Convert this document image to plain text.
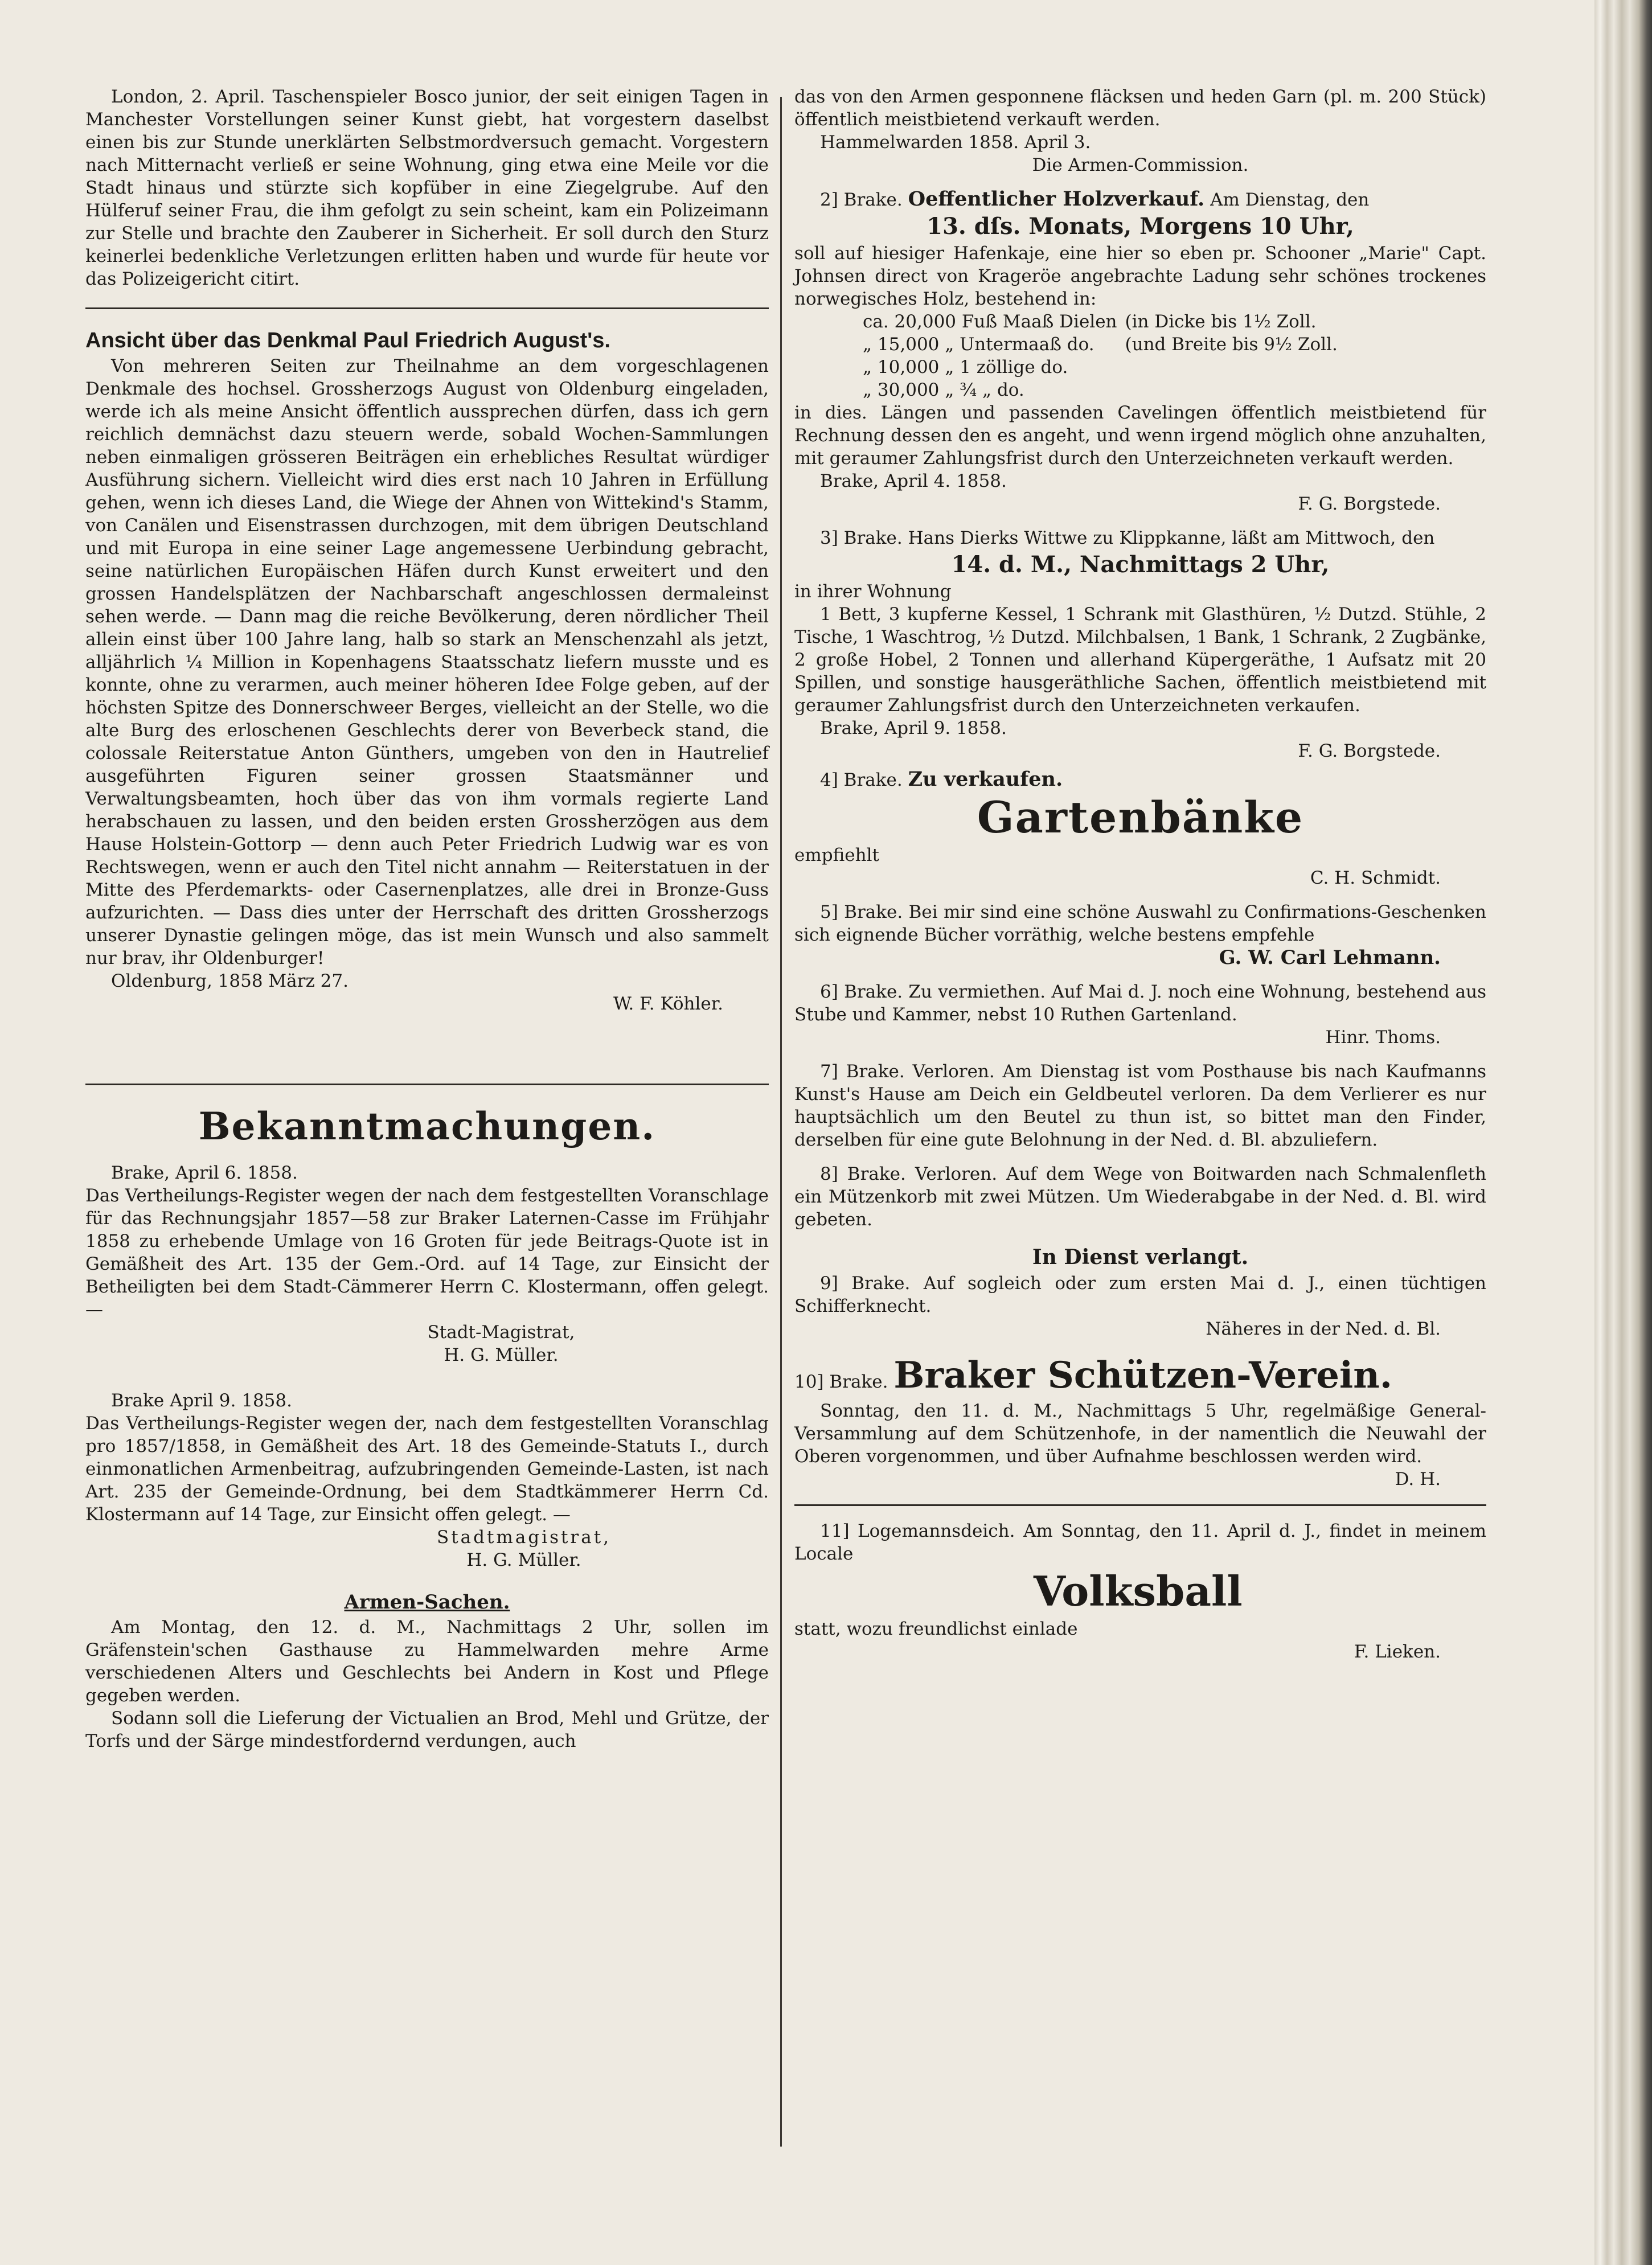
London, 2. April. Taschenspieler Bosco junior, der seit einigen Tagen in Manchester Vorstellungen seiner Kunst giebt, hat vorgestern daselbst einen bis zur Stunde unerklärten Selbstmordversuch gemacht. Vorgestern nach Mitternacht verließ er seine Wohnung, ging etwa eine Meile vor die Stadt hinaus und stürzte sich kopfüber in eine Ziegelgrube. Auf den Hülferuf seiner Frau, die ihm gefolgt zu sein scheint, kam ein Polizeimann zur Stelle und brachte den Zauberer in Sicherheit. Er soll durch den Sturz keinerlei bedenkliche Verletzungen erlitten haben und wurde für heute vor das Polizeigericht citirt.

Ansicht über das Denkmal Paul Friedrich August's.

Von mehreren Seiten zur Theilnahme an dem vorgeschlagenen Denkmale des hochsel. Grossherzogs August von Oldenburg eingeladen, werde ich als meine Ansicht öffentlich aussprechen dürfen, dass ich gern reichlich demnächst dazu steuern werde, sobald Wochen-Sammlungen neben einmaligen grösseren Beiträgen ein erhebliches Resultat würdiger Ausführung sichern. Vielleicht wird dies erst nach 10 Jahren in Erfüllung gehen, wenn ich dieses Land, die Wiege der Ahnen von Wittekind's Stamm, von Canälen und Eisenstrassen durchzogen, mit dem übrigen Deutschland und mit Europa in eine seiner Lage angemessene Uerbindung gebracht, seine natürlichen Europäischen Häfen durch Kunst erweitert und den grossen Handelsplätzen der Nachbarschaft angeschlossen dermaleinst sehen werde. — Dann mag die reiche Bevölkerung, deren nördlicher Theil allein einst über 100 Jahre lang, halb so stark an Menschenzahl als jetzt, alljährlich ¼ Million in Kopenhagens Staatsschatz liefern musste und es konnte, ohne zu verarmen, auch meiner höheren Idee Folge geben, auf der höchsten Spitze des Donnerschweer Berges, vielleicht an der Stelle, wo die alte Burg des erloschenen Geschlechts derer von Beverbeck stand, die colossale Reiterstatue Anton Günthers, umgeben von den in Hautrelief ausgeführten Figuren seiner grossen Staatsmänner und Verwaltungsbeamten, hoch über das von ihm vormals regierte Land herabschauen zu lassen, und den beiden ersten Grossherzögen aus dem Hause Holstein-Gottorp — denn auch Peter Friedrich Ludwig war es von Rechtswegen, wenn er auch den Titel nicht annahm — Reiterstatuen in der Mitte des Pferdemarkts- oder Casernenplatzes, alle drei in Bronze-Guss aufzurichten. — Dass dies unter der Herrschaft des dritten Grossherzogs unserer Dynastie gelingen möge, das ist mein Wunsch und also sammelt nur brav, ihr Oldenburger!

Oldenburg, 1858 März 27.

W. F. Köhler.

Bekanntmachungen.

Brake, April 6. 1858.

Das Vertheilungs-Register wegen der nach dem festgestellten Voranschlage für das Rechnungsjahr 1857—58 zur Braker Laternen-Casse im Frühjahr 1858 zu erhebende Umlage von 16 Groten für jede Beitrags-Quote ist in Gemäßheit des Art. 135 der Gem.-Ord. auf 14 Tage, zur Einsicht der Betheiligten bei dem Stadt-Cämmerer Herrn C. Klostermann, offen gelegt. —

Stadt-Magistrat,

H. G. Müller.

Brake April 9. 1858.

Das Vertheilungs-Register wegen der, nach dem festgestellten Voranschlag pro 1857/1858, in Gemäßheit des Art. 18 des Gemeinde-Statuts I., durch einmonatlichen Armenbeitrag, aufzubringenden Gemeinde-Lasten, ist nach Art. 235 der Gemeinde-Ordnung, bei dem Stadtkämmerer Herrn Cd. Klostermann auf 14 Tage, zur Einsicht offen gelegt. —

Stadtmagistrat,

H. G. Müller.

Armen-Sachen.

Am Montag, den 12. d. M., Nachmittags 2 Uhr, sollen im Gräfenstein'schen Gasthause zu Hammelwarden mehre Arme verschiedenen Alters und Geschlechts bei Andern in Kost und Pflege gegeben werden.

Sodann soll die Lieferung der Victualien an Brod, Mehl und Grütze, der Torfs und der Särge mindestfordernd verdungen, auch

das von den Armen gesponnene fläcksen und heden Garn (pl. m. 200 Stück) öffentlich meistbietend verkauft werden.

Hammelwarden 1858. April 3.

Die Armen-Commission.

2] Brake. Oeffentlicher Holzverkauf. Am Dienstag, den

13. dſs. Monats, Morgens 10 Uhr,

soll auf hiesiger Hafenkaje, eine hier so eben pr. Schooner „Marie" Capt. Johnsen direct von Krageröe angebrachte Ladung sehr schönes trockenes norwegisches Holz, bestehend in:

ca. 20,000 Fuß Maaß Dielen	(in Dicke bis 1½ Zoll.
„ 15,000 „ Untermaaß do.	(und Breite bis 9½ Zoll.
„ 10,000 „ 1 zöllige do.	
„ 30,000 „ ¾ „ do.	

in dies. Längen und passenden Cavelingen öffentlich meistbietend für Rechnung dessen den es angeht, und wenn irgend möglich ohne anzuhalten, mit geraumer Zahlungsfrist durch den Unterzeichneten verkauft werden.

Brake, April 4. 1858.

F. G. Borgstede.

3] Brake. Hans Dierks Wittwe zu Klippkanne, läßt am Mittwoch, den

14. d. M., Nachmittags 2 Uhr,

in ihrer Wohnung

1 Bett, 3 kupferne Kessel, 1 Schrank mit Glasthüren, ½ Dutzd. Stühle, 2 Tische, 1 Waschtrog, ½ Dutzd. Milchbalsen, 1 Bank, 1 Schrank, 2 Zugbänke, 2 große Hobel, 2 Tonnen und allerhand Küpergeräthe, 1 Aufsatz mit 20 Spillen, und sonstige hausgeräthliche Sachen, öffentlich meistbietend mit geraumer Zahlungsfrist durch den Unterzeichneten verkaufen.

Brake, April 9. 1858.

F. G. Borgstede.

4] Brake. Zu verkaufen.

Gartenbänke

empfiehlt

C. H. Schmidt.

5] Brake. Bei mir sind eine schöne Auswahl zu Confirmations-Geschenken sich eignende Bücher vorräthig, welche bestens empfehle

G. W. Carl Lehmann.

6] Brake. Zu vermiethen. Auf Mai d. J. noch eine Wohnung, bestehend aus Stube und Kammer, nebst 10 Ruthen Gartenland.

Hinr. Thoms.

7] Brake. Verloren. Am Dienstag ist vom Posthause bis nach Kaufmanns Kunst's Hause am Deich ein Geldbeutel verloren. Da dem Verlierer es nur hauptsächlich um den Beutel zu thun ist, so bittet man den Finder, derselben für eine gute Belohnung in der Ned. d. Bl. abzuliefern.

8] Brake. Verloren. Auf dem Wege von Boitwarden nach Schmalenfleth ein Mützenkorb mit zwei Mützen. Um Wiederabgabe in der Ned. d. Bl. wird gebeten.

In Dienst verlangt.

9] Brake. Auf sogleich oder zum ersten Mai d. J., einen tüchtigen Schifferknecht.

Näheres in der Ned. d. Bl.

10] Brake. Braker Schützen-Verein.

Sonntag, den 11. d. M., Nachmittags 5 Uhr, regelmäßige General-Versammlung auf dem Schützenhofe, in der namentlich die Neuwahl der Oberen vorgenommen, und über Aufnahme beschlossen werden wird.

D. H.

11] Logemannsdeich. Am Sonntag, den 11. April d. J., findet in meinem Locale

Volksball

statt, wozu freundlichst einlade

F. Lieken.
